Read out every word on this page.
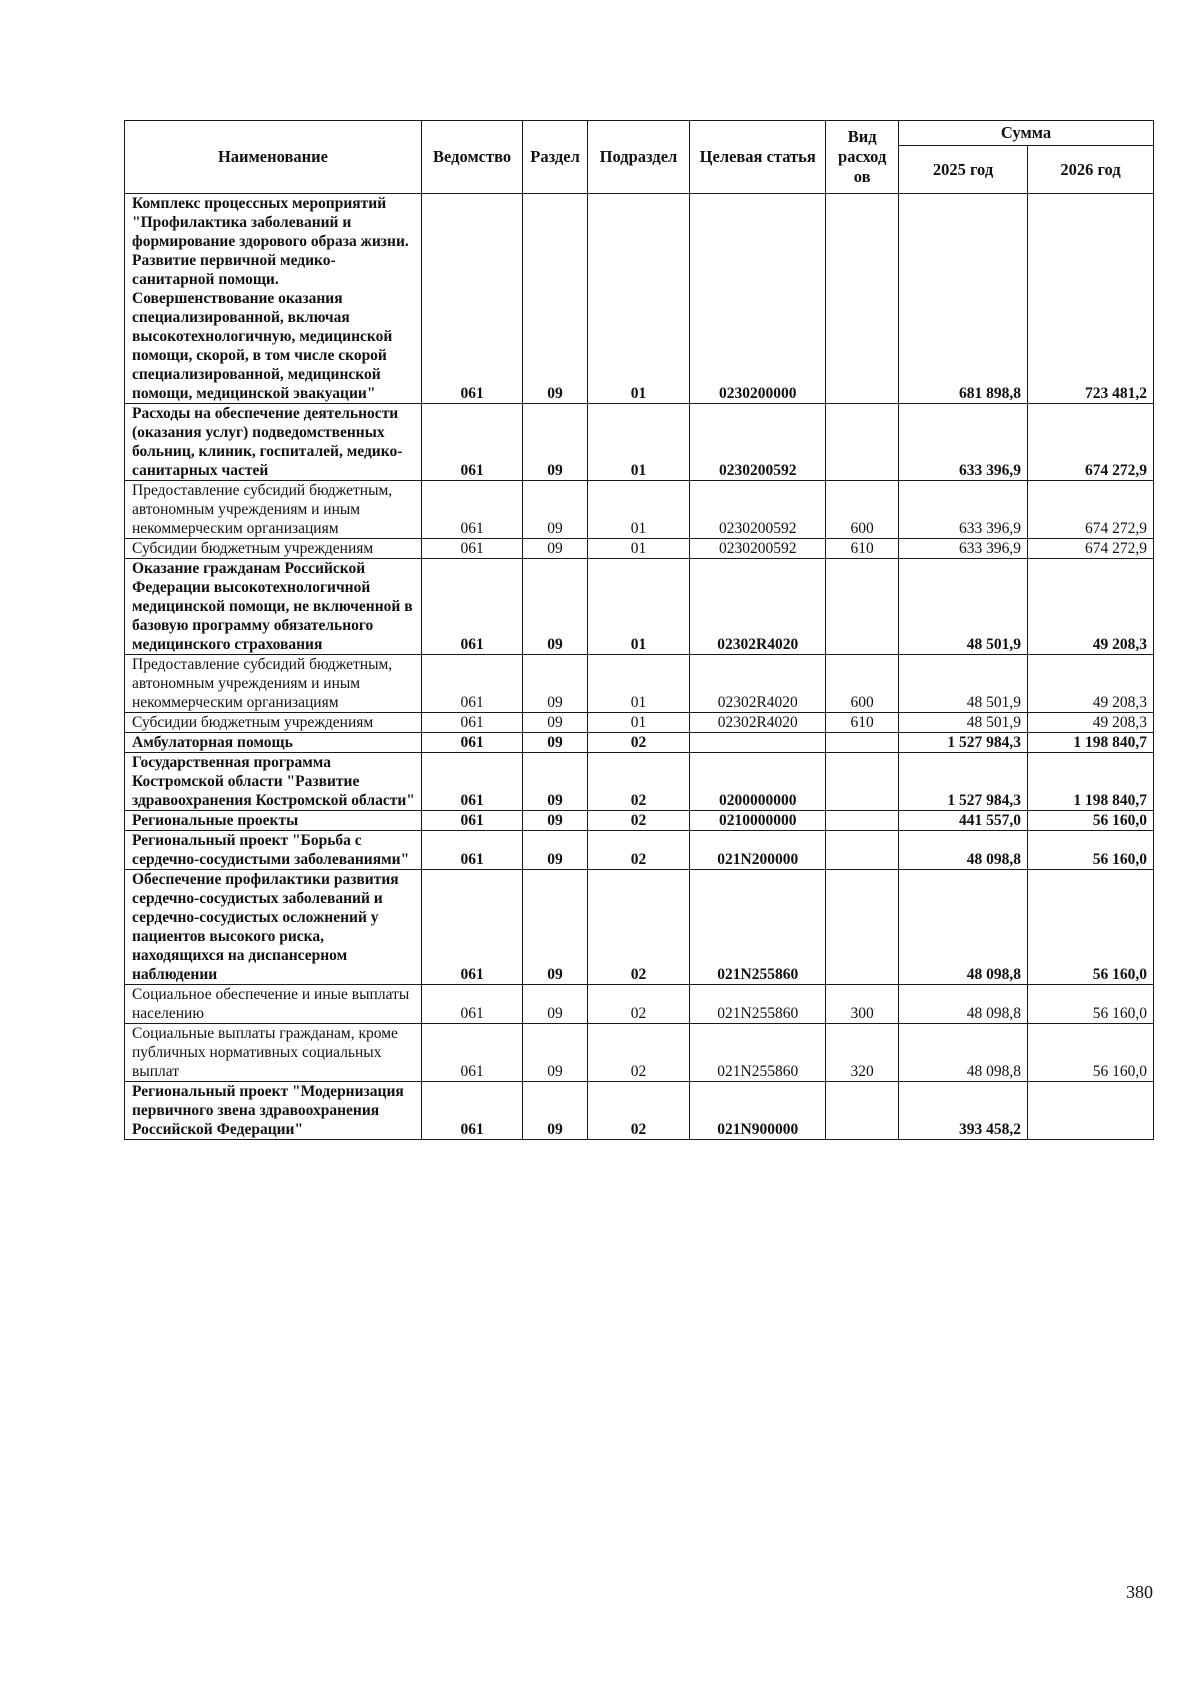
Наименование	Ведомство	Раздел	Подраздел	Целевая статья	Вид расход ов	Сумма	
						2025 год	2026 год
Комплекс процессных мероприятий "Профилактика заболеваний и формирование здорового образа жизни. Развитие первичной медико-санитарной помощи. Совершенствование оказания специализированной, включая высокотехнологичную, медицинской помощи, скорой, в том числе скорой специализированной, медицинской помощи, медицинской эвакуации"	061	09	01	0230200000		681 898,8	723 481,2
Расходы на обеспечение деятельности (оказания услуг) подведомственных больниц, клиник, госпиталей, медико-санитарных частей	061	09	01	0230200592		633 396,9	674 272,9
Предоставление субсидий бюджетным, автономным учреждениям и иным некоммерческим организациям	061	09	01	0230200592	600	633 396,9	674 272,9
Субсидии бюджетным учреждениям	061	09	01	0230200592	610	633 396,9	674 272,9
Оказание гражданам Российской Федерации высокотехнологичной медицинской помощи, не включенной в базовую программу обязательного медицинского страхования	061	09	01	02302R4020		48 501,9	49 208,3
Предоставление субсидий бюджетным, автономным учреждениям и иным некоммерческим организациям	061	09	01	02302R4020	600	48 501,9	49 208,3
Субсидии бюджетным учреждениям	061	09	01	02302R4020	610	48 501,9	49 208,3
Амбулаторная помощь	061	09	02			1 527 984,3	1 198 840,7
Государственная программа Костромской области "Развитие здравоохранения Костромской области"	061	09	02	0200000000		1 527 984,3	1 198 840,7
Региональные проекты	061	09	02	0210000000		441 557,0	56 160,0
Региональный проект "Борьба с сердечно-сосудистыми заболеваниями"	061	09	02	021N200000		48 098,8	56 160,0
Обеспечение профилактики развития сердечно-сосудистых заболеваний и сердечно-сосудистых осложнений у пациентов высокого риска, находящихся на диспансерном наблюдении	061	09	02	021N255860		48 098,8	56 160,0
Социальное обеспечение и иные выплаты населению	061	09	02	021N255860	300	48 098,8	56 160,0
Социальные выплаты гражданам, кроме публичных нормативных социальных выплат	061	09	02	021N255860	320	48 098,8	56 160,0
Региональный проект "Модернизация первичного звена здравоохранения Российской Федерации"	061	09	02	021N900000		393 458,2	
380
